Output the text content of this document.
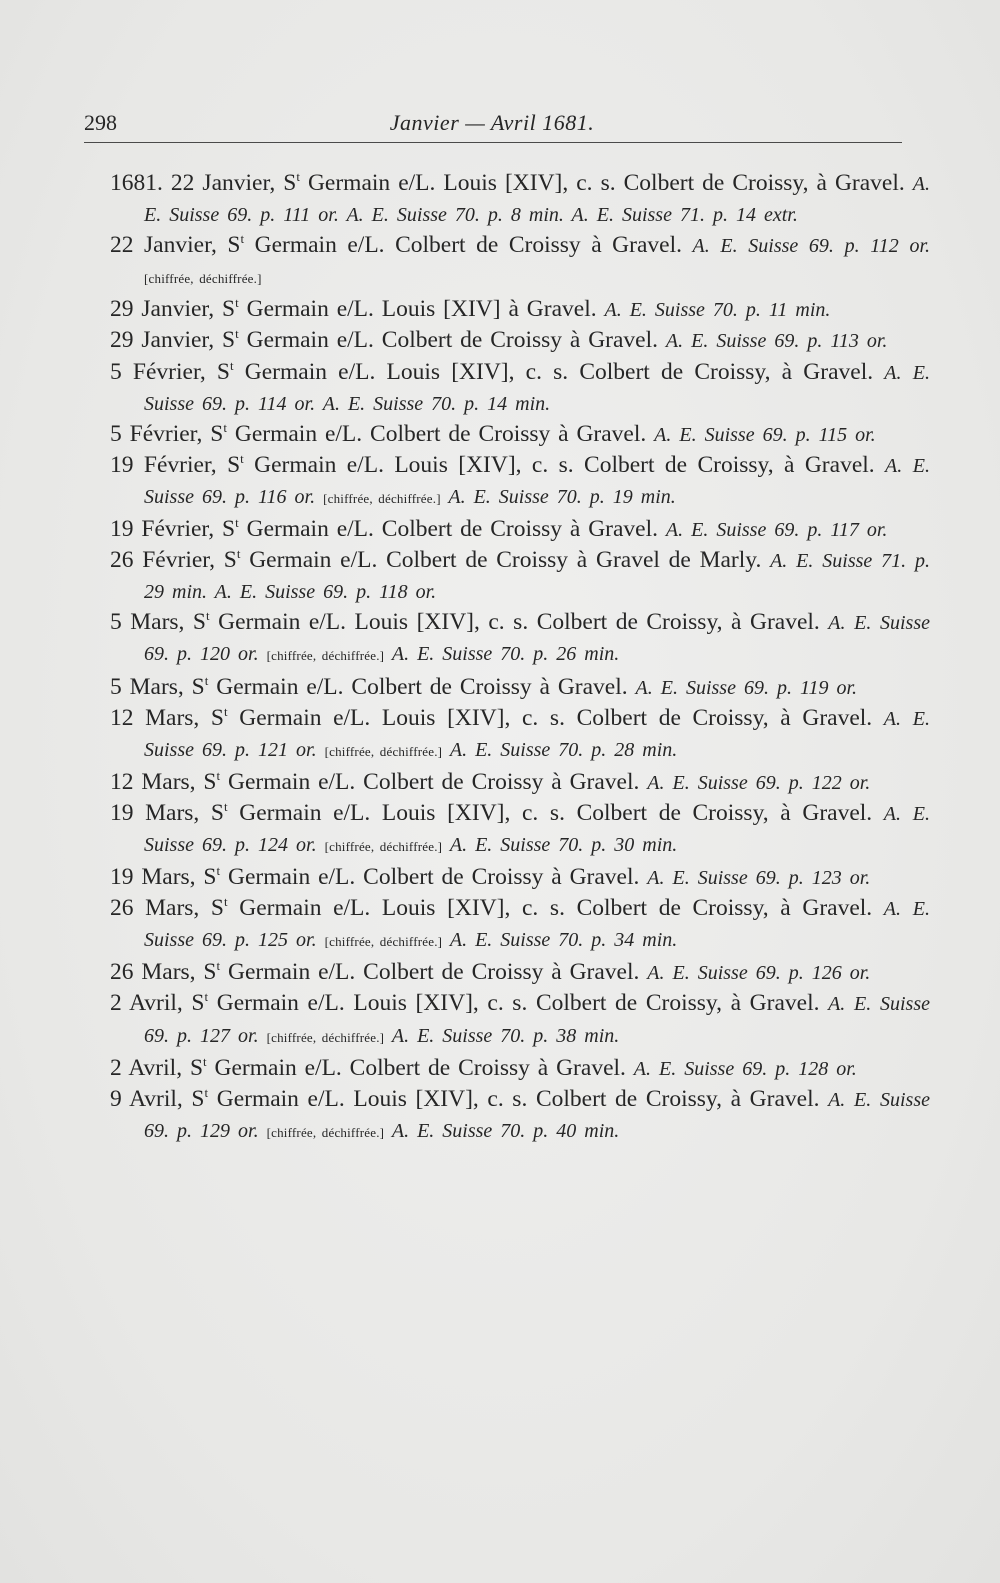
298	Janvier — Avril 1681.

1681. 22 Janvier, $S^t$ Germain e/L. Louis [XIV], c. s. Colbert de Croissy, à Gravel. A. E. Suisse 69. p. 111 or. A. E. Suisse 70. p. 8 min. A. E. Suisse 71. p. 14 extr.

22 Janvier, $S^t$ Germain e/L. Colbert de Croissy à Gravel. A. E. Suisse 69. p. 112 or. [chiffrée, déchiffrée.]

29 Janvier, $S^t$ Germain e/L. Louis [XIV] à Gravel. A. E. Suisse 70. p. 11 min.

29 Janvier, $S^t$ Germain e/L. Colbert de Croissy à Gravel. A. E. Suisse 69. p. 113 or.

5 Février, $S^t$ Germain e/L. Louis [XIV], c. s. Colbert de Croissy, à Gravel. A. E. Suisse 69. p. 114 or. A. E. Suisse 70. p. 14 min.

5 Février, $S^t$ Germain e/L. Colbert de Croissy à Gravel. A. E. Suisse 69. p. 115 or.

19 Février, $S^t$ Germain e/L. Louis [XIV], c. s. Colbert de Croissy, à Gravel. A. E. Suisse 69. p. 116 or. [chiffrée, déchiffrée.] A. E. Suisse 70. p. 19 min.

19 Février, $S^t$ Germain e/L. Colbert de Croissy à Gravel. A. E. Suisse 69. p. 117 or.

26 Février, $S^t$ Germain e/L. Colbert de Croissy à Gravel de Marly. A. E. Suisse 71. p. 29 min. A. E. Suisse 69. p. 118 or.

5 Mars, $S^t$ Germain e/L. Louis [XIV], c. s. Colbert de Croissy, à Gravel. A. E. Suisse 69. p. 120 or. [chiffrée, déchiffrée.] A. E. Suisse 70. p. 26 min.

5 Mars, $S^t$ Germain e/L. Colbert de Croissy à Gravel. A. E. Suisse 69. p. 119 or.

12 Mars, $S^t$ Germain e/L. Louis [XIV], c. s. Colbert de Croissy, à Gravel. A. E. Suisse 69. p. 121 or. [chiffrée, déchiffrée.] A. E. Suisse 70. p. 28 min.

12 Mars, $S^t$ Germain e/L. Colbert de Croissy à Gravel. A. E. Suisse 69. p. 122 or.

19 Mars, $S^t$ Germain e/L. Louis [XIV], c. s. Colbert de Croissy, à Gravel. A. E. Suisse 69. p. 124 or. [chiffrée, déchiffrée.] A. E. Suisse 70. p. 30 min.

19 Mars, $S^t$ Germain e/L. Colbert de Croissy à Gravel. A. E. Suisse 69. p. 123 or.

26 Mars, $S^t$ Germain e/L. Louis [XIV], c. s. Colbert de Croissy, à Gravel. A. E. Suisse 69. p. 125 or. [chiffrée, déchiffrée.] A. E. Suisse 70. p. 34 min.

26 Mars, $S^t$ Germain e/L. Colbert de Croissy à Gravel. A. E. Suisse 69. p. 126 or.

2 Avril, $S^t$ Germain e/L. Louis [XIV], c. s. Colbert de Croissy, à Gravel. A. E. Suisse 69. p. 127 or. [chiffrée, déchiffrée.] A. E. Suisse 70. p. 38 min.

2 Avril, $S^t$ Germain e/L. Colbert de Croissy à Gravel. A. E. Suisse 69. p. 128 or.

9 Avril, $S^t$ Germain e/L. Louis [XIV], c. s. Colbert de Croissy, à Gravel. A. E. Suisse 69. p. 129 or. [chiffrée, déchiffrée.] A. E. Suisse 70. p. 40 min.
